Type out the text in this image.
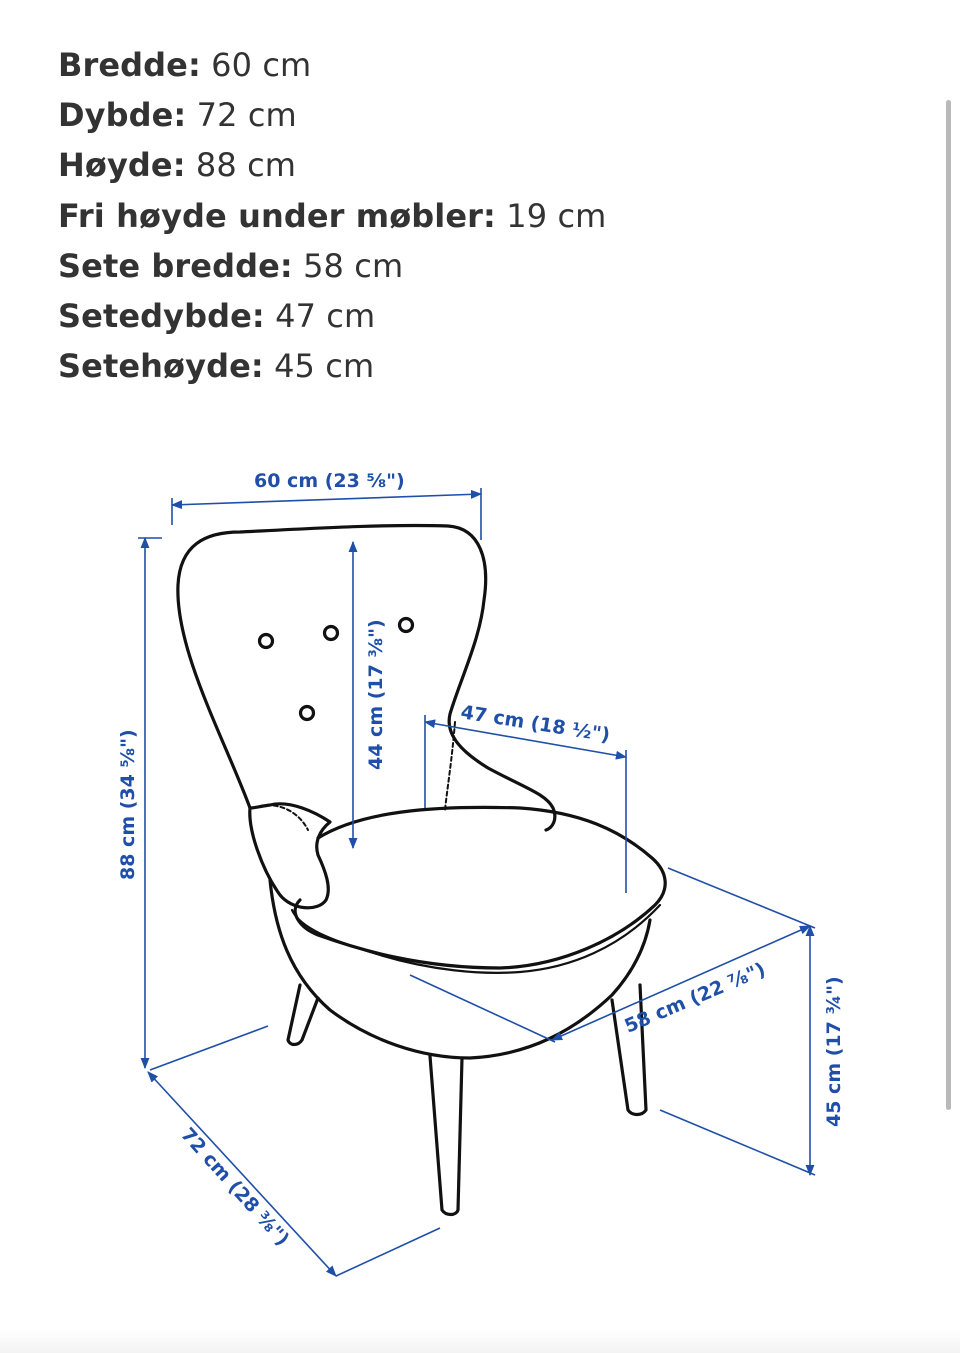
Bredde: 60 cm
Dybde: 72 cm
Høyde: 88 cm
Fri høyde under møbler: 19 cm
Sete bredde: 58 cm
Setedybde: 47 cm
Setehøyde: 45 cm
60 cm (23 ⅝")
88 cm (34 ⅝")
44 cm (17 ⅜")	47 cm (18 ½")
58 cm (22 ⅞")	45 cm (17 ¾")
72 cm (28 ⅜")
